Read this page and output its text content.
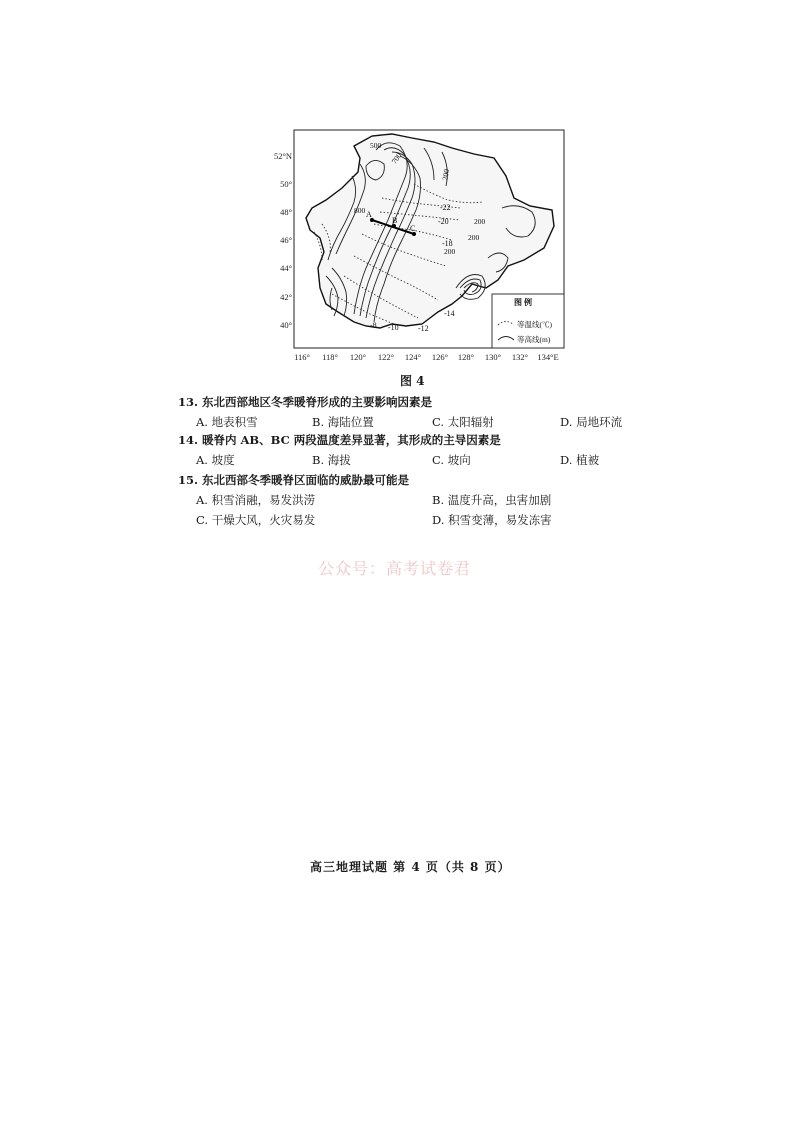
52°N
50°
48°
46°
44°
42°
40°
116° 118° 120° 122° 124° 126° 128° 130° 132° 134°E
A
B
C
-22
-20
-18
-14
-12
-10
-8
500
700
800
200
200
200
200
图 例
等温线(℃)
等高线(m)
图 4
13. 东北西部地区冬季暖脊形成的主要影响因素是
A. 地表积雪	B. 海陆位置	C. 太阳辐射	D. 局地环流
14. 暖脊内 AB、BC 两段温度差异显著，其形成的主导因素是
A. 坡度	B. 海拔	C. 坡向	D. 植被
15. 东北西部冬季暖脊区面临的威胁最可能是
A. 积雪消融，易发洪涝	B. 温度升高，虫害加剧
C. 干燥大风，火灾易发	D. 积雪变薄，易发冻害
公众号：高考试卷君
高三地理试题 第 4 页（共 8 页）
